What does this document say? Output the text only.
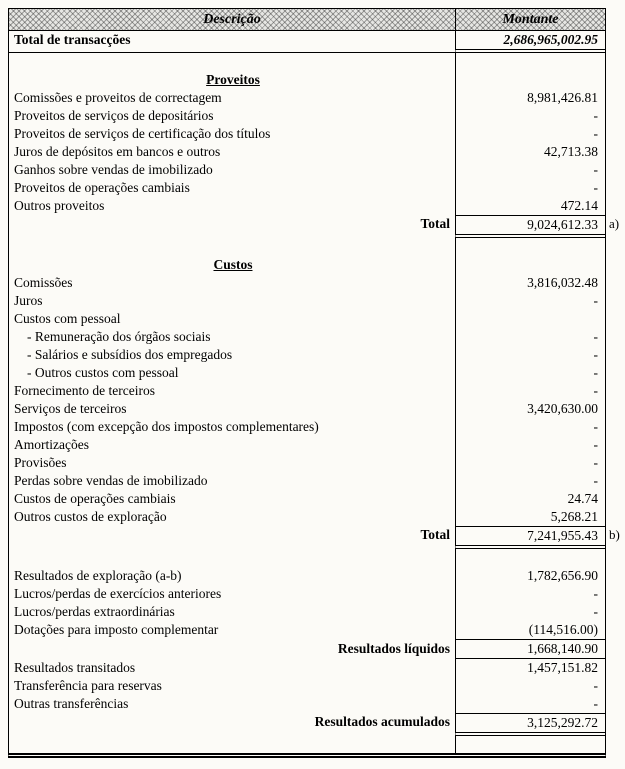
Descrição	Montante
Total de transacções	2,686,965,002.95
Proveitos
Comissões e proveitos de correctagem	8,981,426.81
Proveitos de serviços de depositários	-
Proveitos de serviços de certificação dos títulos	-
Juros de depósitos em bancos e outros	42,713.38
Ganhos sobre vendas de imobilizado	-
Proveitos de operações cambiais	-
Outros proveitos	472.14
Total	9,024,612.33 a)
Custos
Comissões	3,816,032.48
Juros	-
Custos com pessoal
- Remuneração dos órgãos sociais	-
- Salários e subsídios dos empregados	-
- Outros custos com pessoal	-
Fornecimento de terceiros	-
Serviços de terceiros	3,420,630.00
Impostos (com excepção dos impostos complementares)	-
Amortizações	-
Provisões	-
Perdas sobre vendas de imobilizado	-
Custos de operações cambiais	24.74
Outros custos de exploração	5,268.21
Total	7,241,955.43 b)
Resultados de exploração (a-b)	1,782,656.90
Lucros/perdas de exercícios anteriores	-
Lucros/perdas extraordinárias	-
Dotações para imposto complementar	(114,516.00)
Resultados líquidos	1,668,140.90
Resultados transitados	1,457,151.82
Transferência para reservas	-
Outras transferências	-
Resultados acumulados	3,125,292.72
